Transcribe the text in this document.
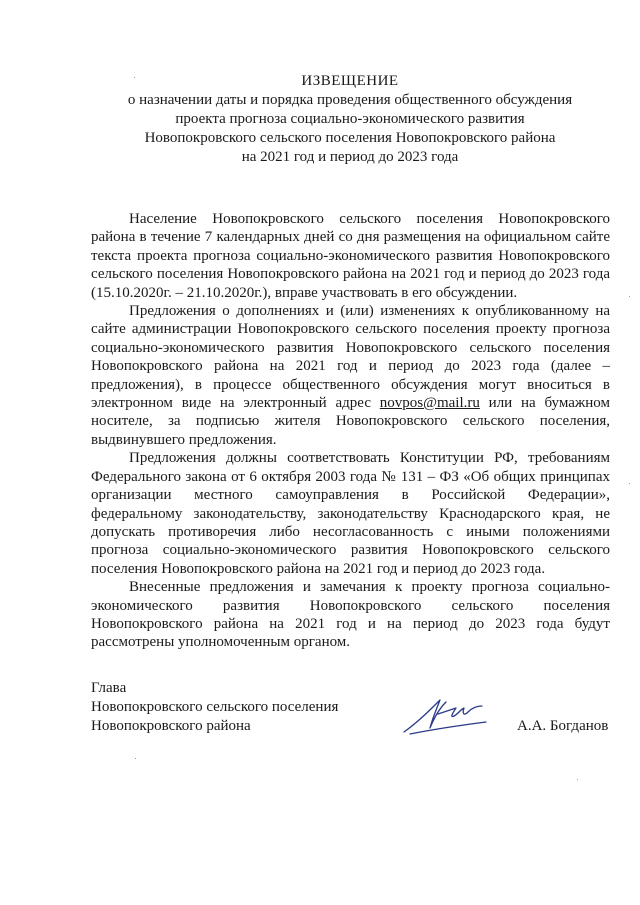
ИЗВЕЩЕНИЕ
о назначении даты и порядка проведения общественного обсуждения
проекта прогноза социально-экономического развития
Новопокровского сельского поселения Новопокровского района
на 2021 год и период до 2023 года

Население Новопокровского сельского поселения Новопокровского района в течение 7 календарных дней со дня размещения на официальном сайте текста проекта прогноза социально-экономического развития Новопокровского сельского поселения Новопокровского района на 2021 год и период до 2023 года (15.10.2020г. – 21.10.2020г.), вправе участвовать в его обсуждении.

Предложения о дополнениях и (или) изменениях к опубликованному на сайте администрации Новопокровского сельского поселения проекту прогноза социально-экономического развития Новопокровского сельского поселения Новопокровского района на 2021 год и период до 2023 года (далее – предложения), в процессе общественного обсуждения могут вноситься в электронном виде на электронный адрес novpos@mail.ru или на бумажном носителе, за подписью жителя Новопокровского сельского поселения, выдвинувшего предложения.

Предложения должны соответствовать Конституции РФ, требованиям Федерального закона от 6 октября 2003 года № 131 – ФЗ «Об общих принципах организации местного самоуправления в Российской Федерации», федеральному законодательству, законодательству Краснодарского края, не допускать противоречия либо несогласованность с иными положениями прогноза социально-экономического развития Новопокровского сельского поселения Новопокровского района на 2021 год и период до 2023 года.

Внесенные предложения и замечания к проекту прогноза социально-экономического развития Новопокровского сельского поселения Новопокровского района на 2021 год и на период до 2023 года будут рассмотрены уполномоченным органом.

Глава
Новопокровского сельского поселения
Новопокровского района	А.А. Богданов
